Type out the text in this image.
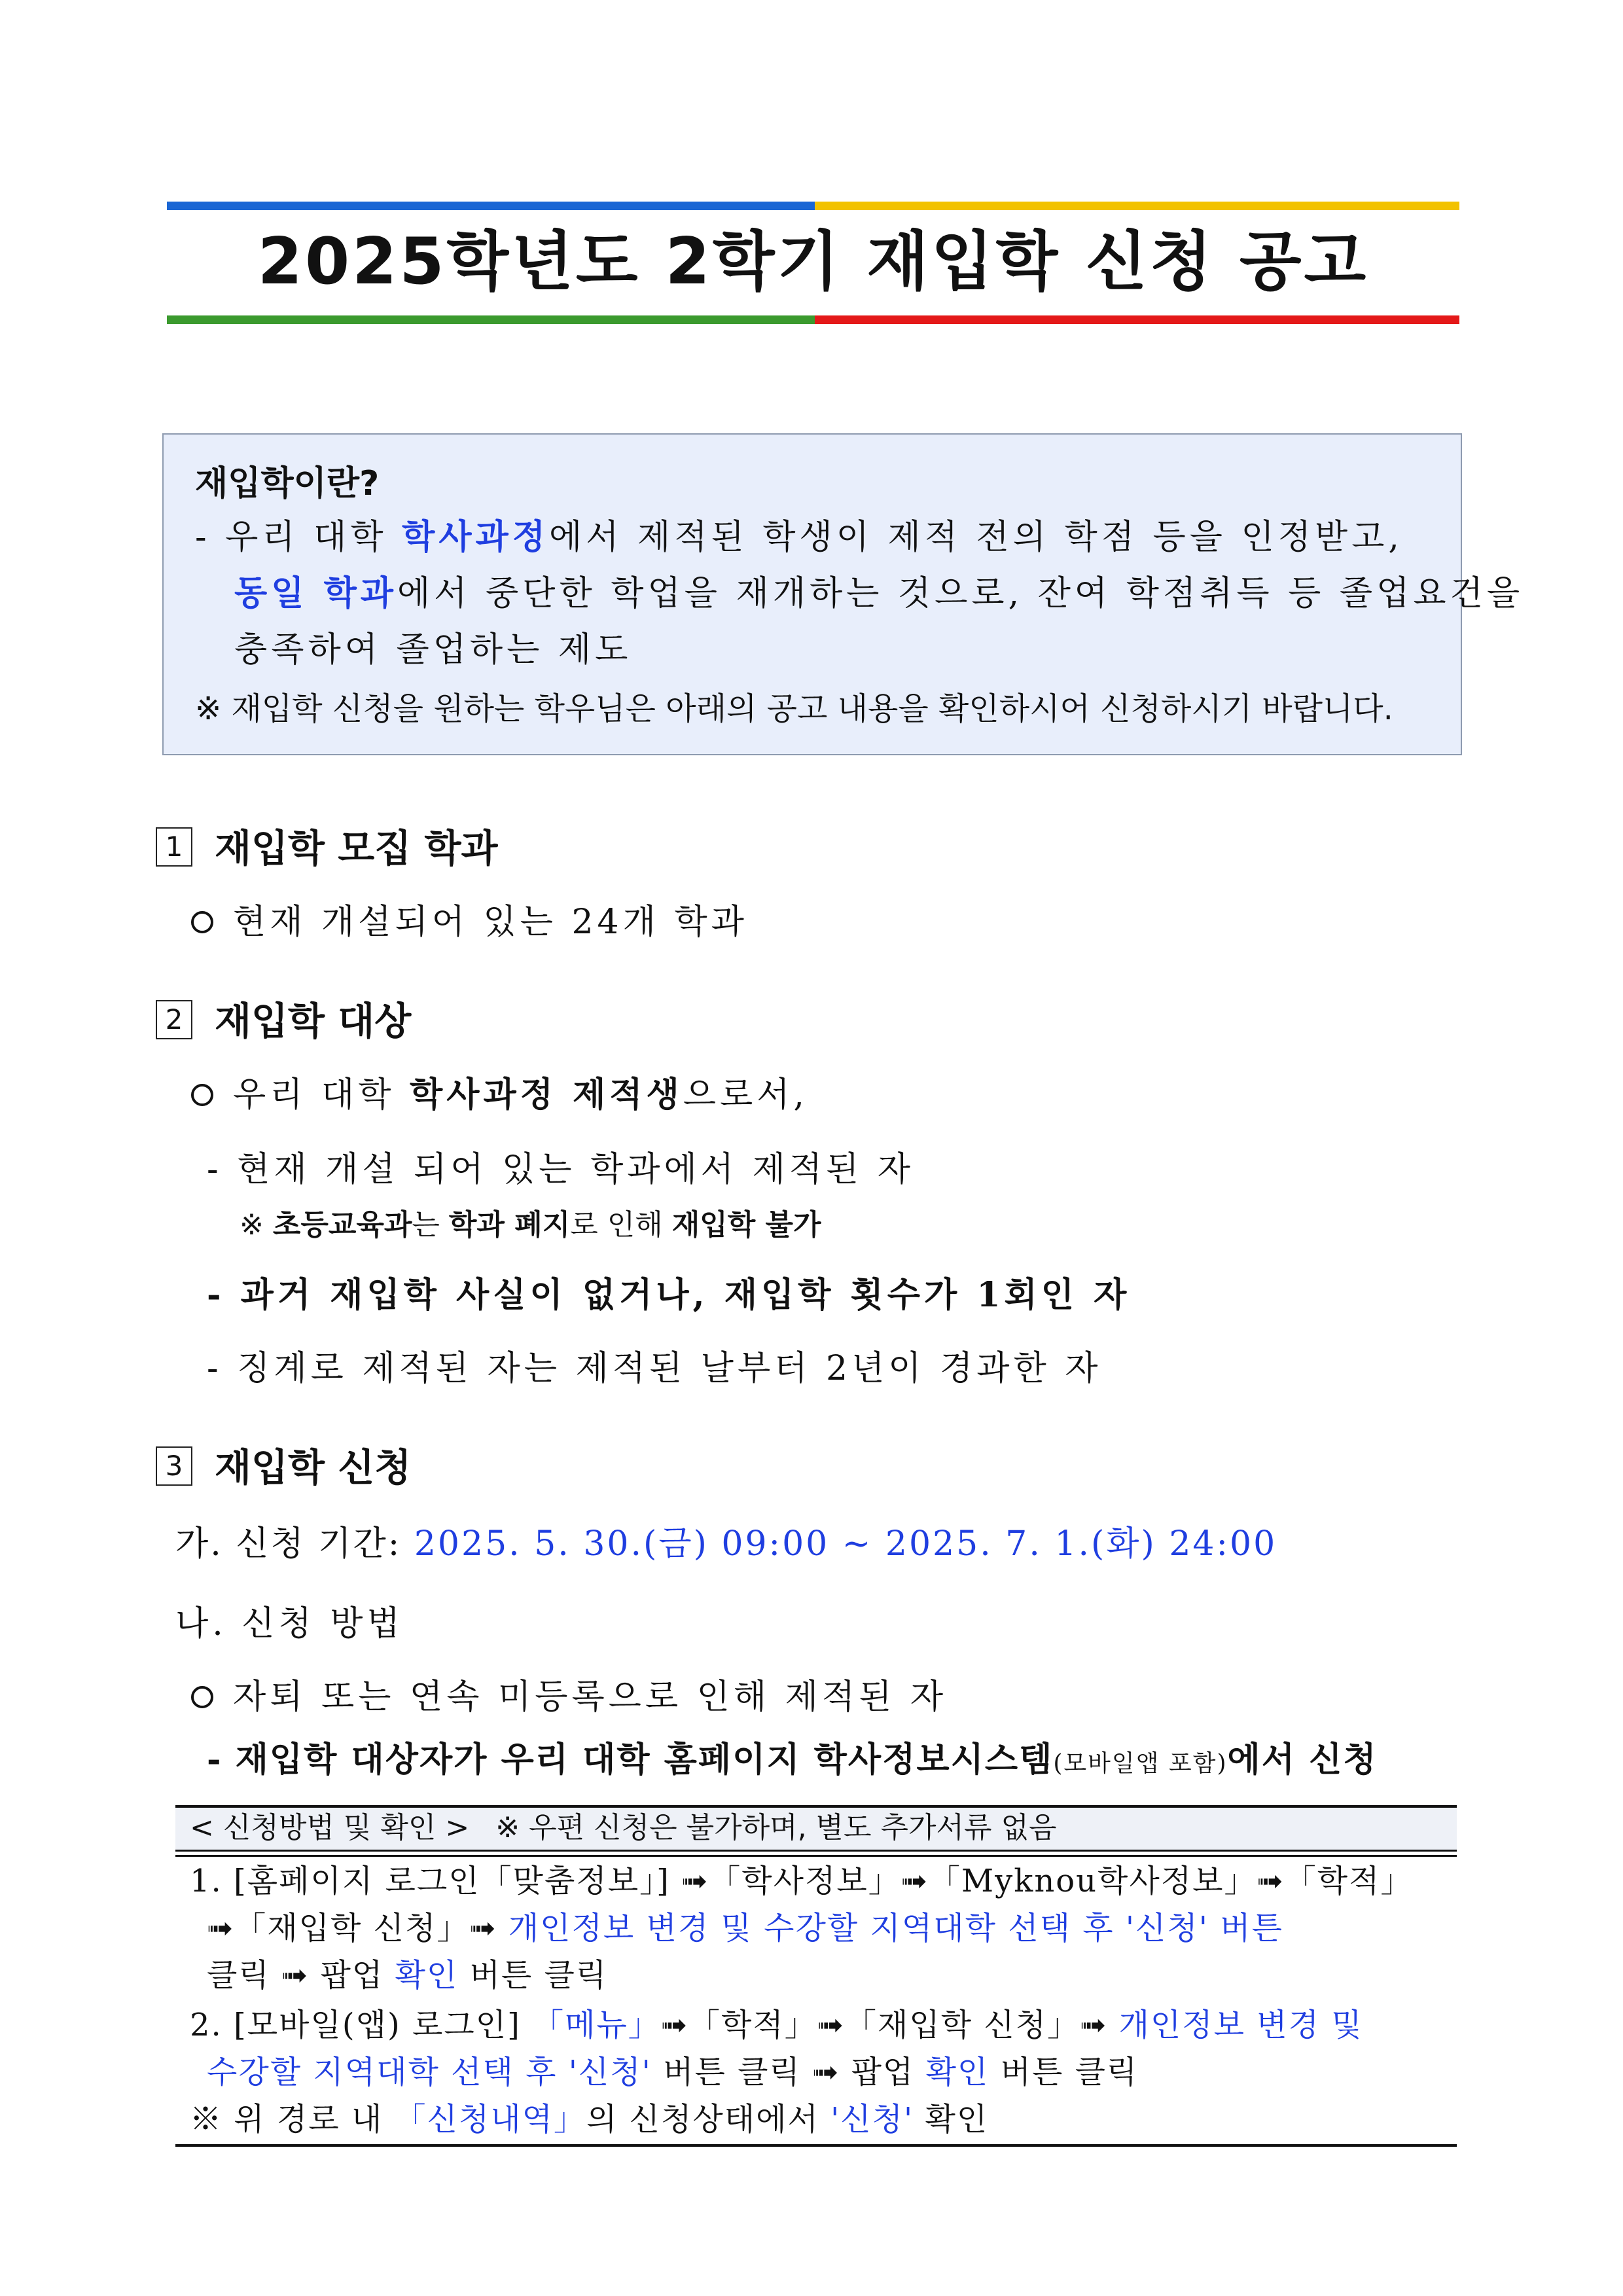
2025학년도 2학기 재입학 신청 공고
재입학이란?
- 우리 대학 학사과정에서 제적된 학생이 제적 전의 학점 등을 인정받고,
동일 학과에서 중단한 학업을 재개하는 것으로, 잔여 학점취득 등 졸업요건을
충족하여 졸업하는 제도
※ 재입학 신청을 원하는 학우님은 아래의 공고 내용을 확인하시어 신청하시기 바랍니다.
1 재입학 모집 학과
현재 개설되어 있는 24개 학과
2 재입학 대상
우리 대학 학사과정 제적생으로서,
- 현재 개설 되어 있는 학과에서 제적된 자
※ 초등교육과는 학과 폐지로 인해 재입학 불가
- 과거 재입학 사실이 없거나, 재입학 횟수가 1회인 자
- 징계로 제적된 자는 제적된 날부터 2년이 경과한 자
3 재입학 신청
가. 신청 기간: 2025. 5. 30.(금) 09:00 ~ 2025. 7. 1.(화) 24:00
나. 신청 방법
자퇴 또는 연속 미등록으로 인해 제적된 자
- 재입학 대상자가 우리 대학 홈페이지 학사정보시스템(모바일앱 포함)에서 신청
< 신청방법 및 확인 > ※ 우편 신청은 불가하며, 별도 추가서류 없음
1. [홈페이지 로그인「맞춤정보」] ➟「학사정보」➟「Myknou학사정보」➟「학적」
➟「재입학 신청」➟ 개인정보 변경 및 수강할 지역대학 선택 후 '신청' 버튼
클릭 ➟ 팝업 확인 버튼 클릭
2. [모바일(앱) 로그인] 「메뉴」➟「학적」➟「재입학 신청」➟ 개인정보 변경 및
수강할 지역대학 선택 후 '신청' 버튼 클릭 ➟ 팝업 확인 버튼 클릭
※ 위 경로 내 「신청내역」의 신청상태에서 '신청' 확인
